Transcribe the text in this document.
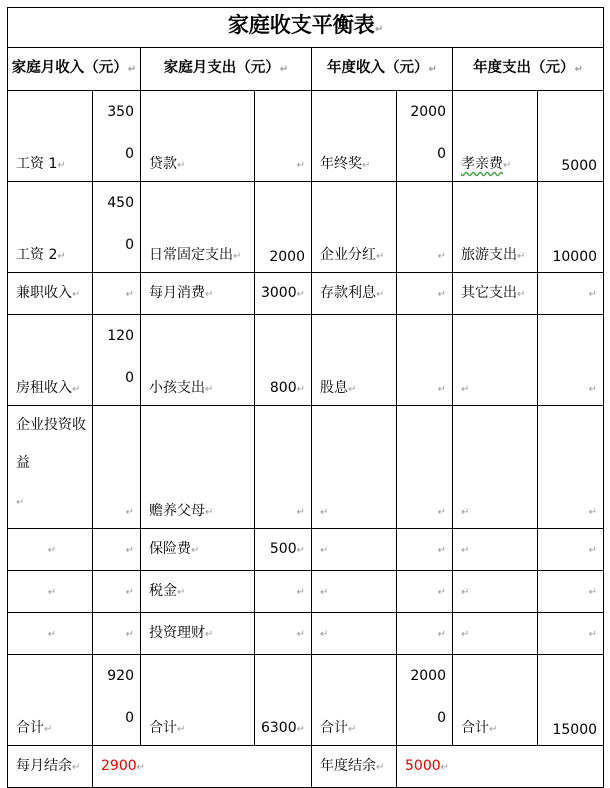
家庭收支平衡表↵							
家庭月收入（元）↵		家庭月支出（元）↵		年度收入（元）↵		年度支出（元）↵	
工资 1↵	3500	贷款↵	↵	年终奖↵	20000	孝亲费↵	5000
工资 2↵	4500	日常固定支出↵	2000	企业分红↵	↵	旅游支出↵	10000
兼职收入↵	↵	每月消费↵	3000↵	存款利息↵	↵	其它支出↵	↵
房租收入↵	1200	小孩支出↵	800↵	股息↵	↵	↵	↵
企业投资收益↵	↵	赡养父母↵	↵	↵	↵	↵	↵
↵	↵	保险费↵	500↵	↵	↵	↵	↵
↵	↵	税金↵	↵	↵	↵	↵	↵
↵	↵	投资理财↵	↵	↵	↵	↵	↵
合计↵	9200	合计↵	6300↵	合计↵	20000	合计↵	15000
每月结余↵	2900↵			年度结余↵	5000↵		
